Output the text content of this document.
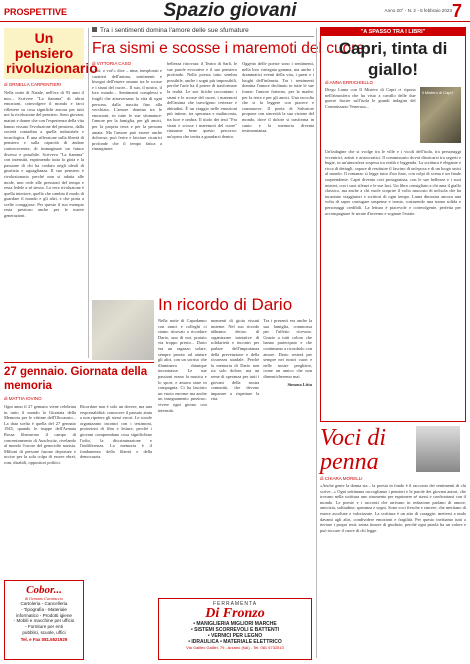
PROSPETTIVE	Spazio giovani	Anno 20° - N. 2 - 5 febbraio 2023 7
Un pensiero rivoluzionario
di ORNELLA CARPENTIERI
Nella notte di Natale, nell'era di 93 anni il mio... Scrivere "La fiamma" di altrui emozioni, coinvolgere il mondo e farci riflettere su cosa significhi ancora per tutti noi la rivoluzione del pensiero. Sono giovani, maturi e donne che con l'esperienza della vita hanno vissuto l'evoluzione del pensiero, dalla società contadina a quella industriale e tecnologica. È una riflessione sulla libertà di pensiero e sulla capacità di andare controcorrente, di immaginare un futuro diverso e possibile. Scriveva "La fiamma" con intensità, esprimendo tutta la gioia e la passione di chi ha creduto negli ideali di giustizia e uguaglianza. Il suo pensiero è rivoluzionario perché non si adatta alle mode, non cede alle pressioni del tempo e resta fedele a sé stesso. La vera rivoluzione è quella interiore, quella che cambia il modo di guardare il mondo e gli altri, e che porta a scelte coraggiose. Per questo il suo esempio resta prezioso anche per le nuove generazioni.
Tra i sentimenti domina l'amore delle sue sfumature
Fra sismi e scosse i maremoti del cuore
di VITTORIA CASO
«Voi, o voi!» dice – nina, inesplorati e caratteri dell'anima, sentimenti e bisogni dell'essere umano tra le scosse e i sismi del cuore... Il suo, il nostro, il loro mondo... Sentimenti complessi e fragili che attraversano la vita di ogni persona, dalla nascita fino alla vecchiaia. L'amore domina tra le emozioni, in tutte le sue sfumature: l'amore per la famiglia, per gli amici, per la propria terra e per la persona amata. Ma l'amore può essere anche doloroso, può ferire e lasciare cicatrici profonde che il tempo fatica a rimarginare.
bellezza ritrovata: il Teatro di Sarli, le sue parole evocative e il suo pensiero profondo. Nella poesia tutto sembra possibile, anche i sogni più impossibili, perché l'arte ha il potere di trasformare la realtà. Le sue liriche raccontano i sismi e le scosse del cuore, i maremoti dell'anima che travolgono certezze e abitudini. È un viaggio nelle emozioni più intime, tra speranza e malinconia, tra luce e ombra. Il titolo dei testi "Fra sismi e scosse i maremoti del cuore" riassume bene questo percorso: un'opera che invita a guardarsi dentro.
Oggetto delle poesie sono i sentimenti, nella loro variegata gamma, ma anche i drammatici eventi della vita, i paesi e i luoghi dell'infanzia. Tra i sentimenti domina l'amore declinato in tutte le sue forme: l'amore fraterno, per la madre, per la terra e per gli amici. Una raccolta che si fa leggere con piacere e commuove. Il poeta di Salvatore propone con sincerità la sua visione del mondo, dove il dolore si trasforma in canto e la memoria diventa testimonianza.
In ricordo di Dario
Nella notte di Capodanno con amici e colleghi ci siamo ritrovati a ricordare Dario, uno di noi, portato via troppo presto... Dario era un ragazzo solare, sempre pronto ad aiutare gli altri, con un sorriso che illuminava chiunque incontrasse. Le sue passioni erano la musica e lo sport, e amava stare in compagnia. Ci ha lasciato un vuoto enorme ma anche un insegnamento prezioso: vivere ogni giorno con intensità.
momenti di gioia vissuti insieme. Nel suo ricordo abbiamo deciso di organizzare iniziative di solidarietà e incontri per parlare dell'importanza della prevenzione e della sicurezza stradale. Perché la memoria di Dario non sia solo dolore, ma un seme di speranza per tutti i giovani della nostra comunità, che devono imparare a rispettare la vita.
Tra i presenti era anche la sua famiglia, commossa per l'affetto ricevuto. Grazie a tutti coloro che hanno partecipato e che continuano a ricordarlo con amore. Dario resterà per sempre nei nostri cuori e nelle nostre preghiere, come un amico che non dimenticheremo mai.
Simona Litta
27 gennaio. Giornata della memoria
di MATTIA IOVINO
Ogni anno il 27 gennaio viene celebrata in tutto il mondo la Giornata della Memoria per le vittime dell'Olocausto... La data scelta è quella del 27 gennaio 1945, quando le truppe dell'Armata Rossa liberarono il campo di concentramento di Auschwitz, rivelando al mondo l'orrore del genocidio nazista. Milioni di persone furono deportate e uccise per la sola colpa di essere ebrei, rom, disabili, oppositori politici.
Ricordare non è solo un dovere, ma una responsabilità: conoscere il passato aiuta a non ripetere gli stessi errori. Le scuole organizzano incontri con i testimoni, proiezioni di film e letture, perché i giovani comprendano cosa significhino l'odio, la discriminazione e l'indifferenza. La memoria è il fondamento della libertà e della democrazia.
Cobor...
di Gennaro Cavaraccio
Cartoleria - Cancelleria
- Tipografia - Materiale
informatico - Prodotti igiene
- Mobili e macchine per ufficio
- Forniture per enti
pubblici, scuole, uffici
Tel. e Fax 081.5521929
FERRAMENTA
Di Fronzo
• MANIGLIERIA MIGLIORI MARCHE
• SISTEMI SCORREVOLI E BATTENTI
• VERNICI PER LEGNO
• IDRAULICA • MATERIALE ELETTRICO
Via Galileo Galilei, 79 - Arzano (NA) - Tel. 081 5732510
"A SPASSO TRA I LIBRI"
Capri, tinta di giallo!
di ANNA ERRICHIELLO
Diego Lama con Il Mistero di Capri ci riporta nell'atmosfera che ha visto a cavallo delle due guerre fiorire sull'isola le grandi indagini del Commissario Veneruso...
Il Mistero di Capri
Un'indagine che si svolge tra le ville e i vicoli dell'isola, tra personaggi eccentrici, artisti e aristocratici. Il commissario dovrà districarsi tra segreti e bugie, in un'atmosfera sospesa tra realtà e leggenda. La scrittura è elegante e ricca di dettagli, capace di restituire il fascino di un'epoca e di un luogo unici al mondo. Il romanzo si legge tutto d'un fiato, con colpi di scena e un finale sorprendente. Capri diventa così protagonista, con le sue bellezze e i suoi misteri, con i suoi silenzi e le sue luci. Un libro consigliato a chi ama il giallo classico, ma anche a chi vuole scoprire il volto nascosto di un'isola che ha incantato viaggiatori e scrittori di ogni tempo. Lama dimostra ancora una volta di saper coniugare suspense e ironia, costruendo una trama solida e personaggi credibili. La lettura è piacevole e coinvolgente, perfetta per accompagnare le serate d'inverno e sognare l'estate.
Voci di penna
di CHIARA MORELLI
«Anche gente la donna sia... la poesia in fondo è il racconto dei sentimenti di chi scrive...» Ogni settimana raccogliamo i pensieri e le parole dei giovani autori, che trovano nella scrittura uno strumento per esprimere sé stessi e confrontarsi con il mondo. Le poesie e i racconti che arrivano in redazione parlano di amore, amicizia, solitudine, speranza e sogni. Sono voci fresche e sincere, che meritano di essere ascoltate e valorizzate. La scrittura è un atto di coraggio: mettersi a nudo davanti agli altri, condividere emozioni e fragilità. Per questo invitiamo tutti a inviare i propri testi, senza timore di giudizio, perché ogni parola ha un valore e può toccare il cuore di chi legge.
